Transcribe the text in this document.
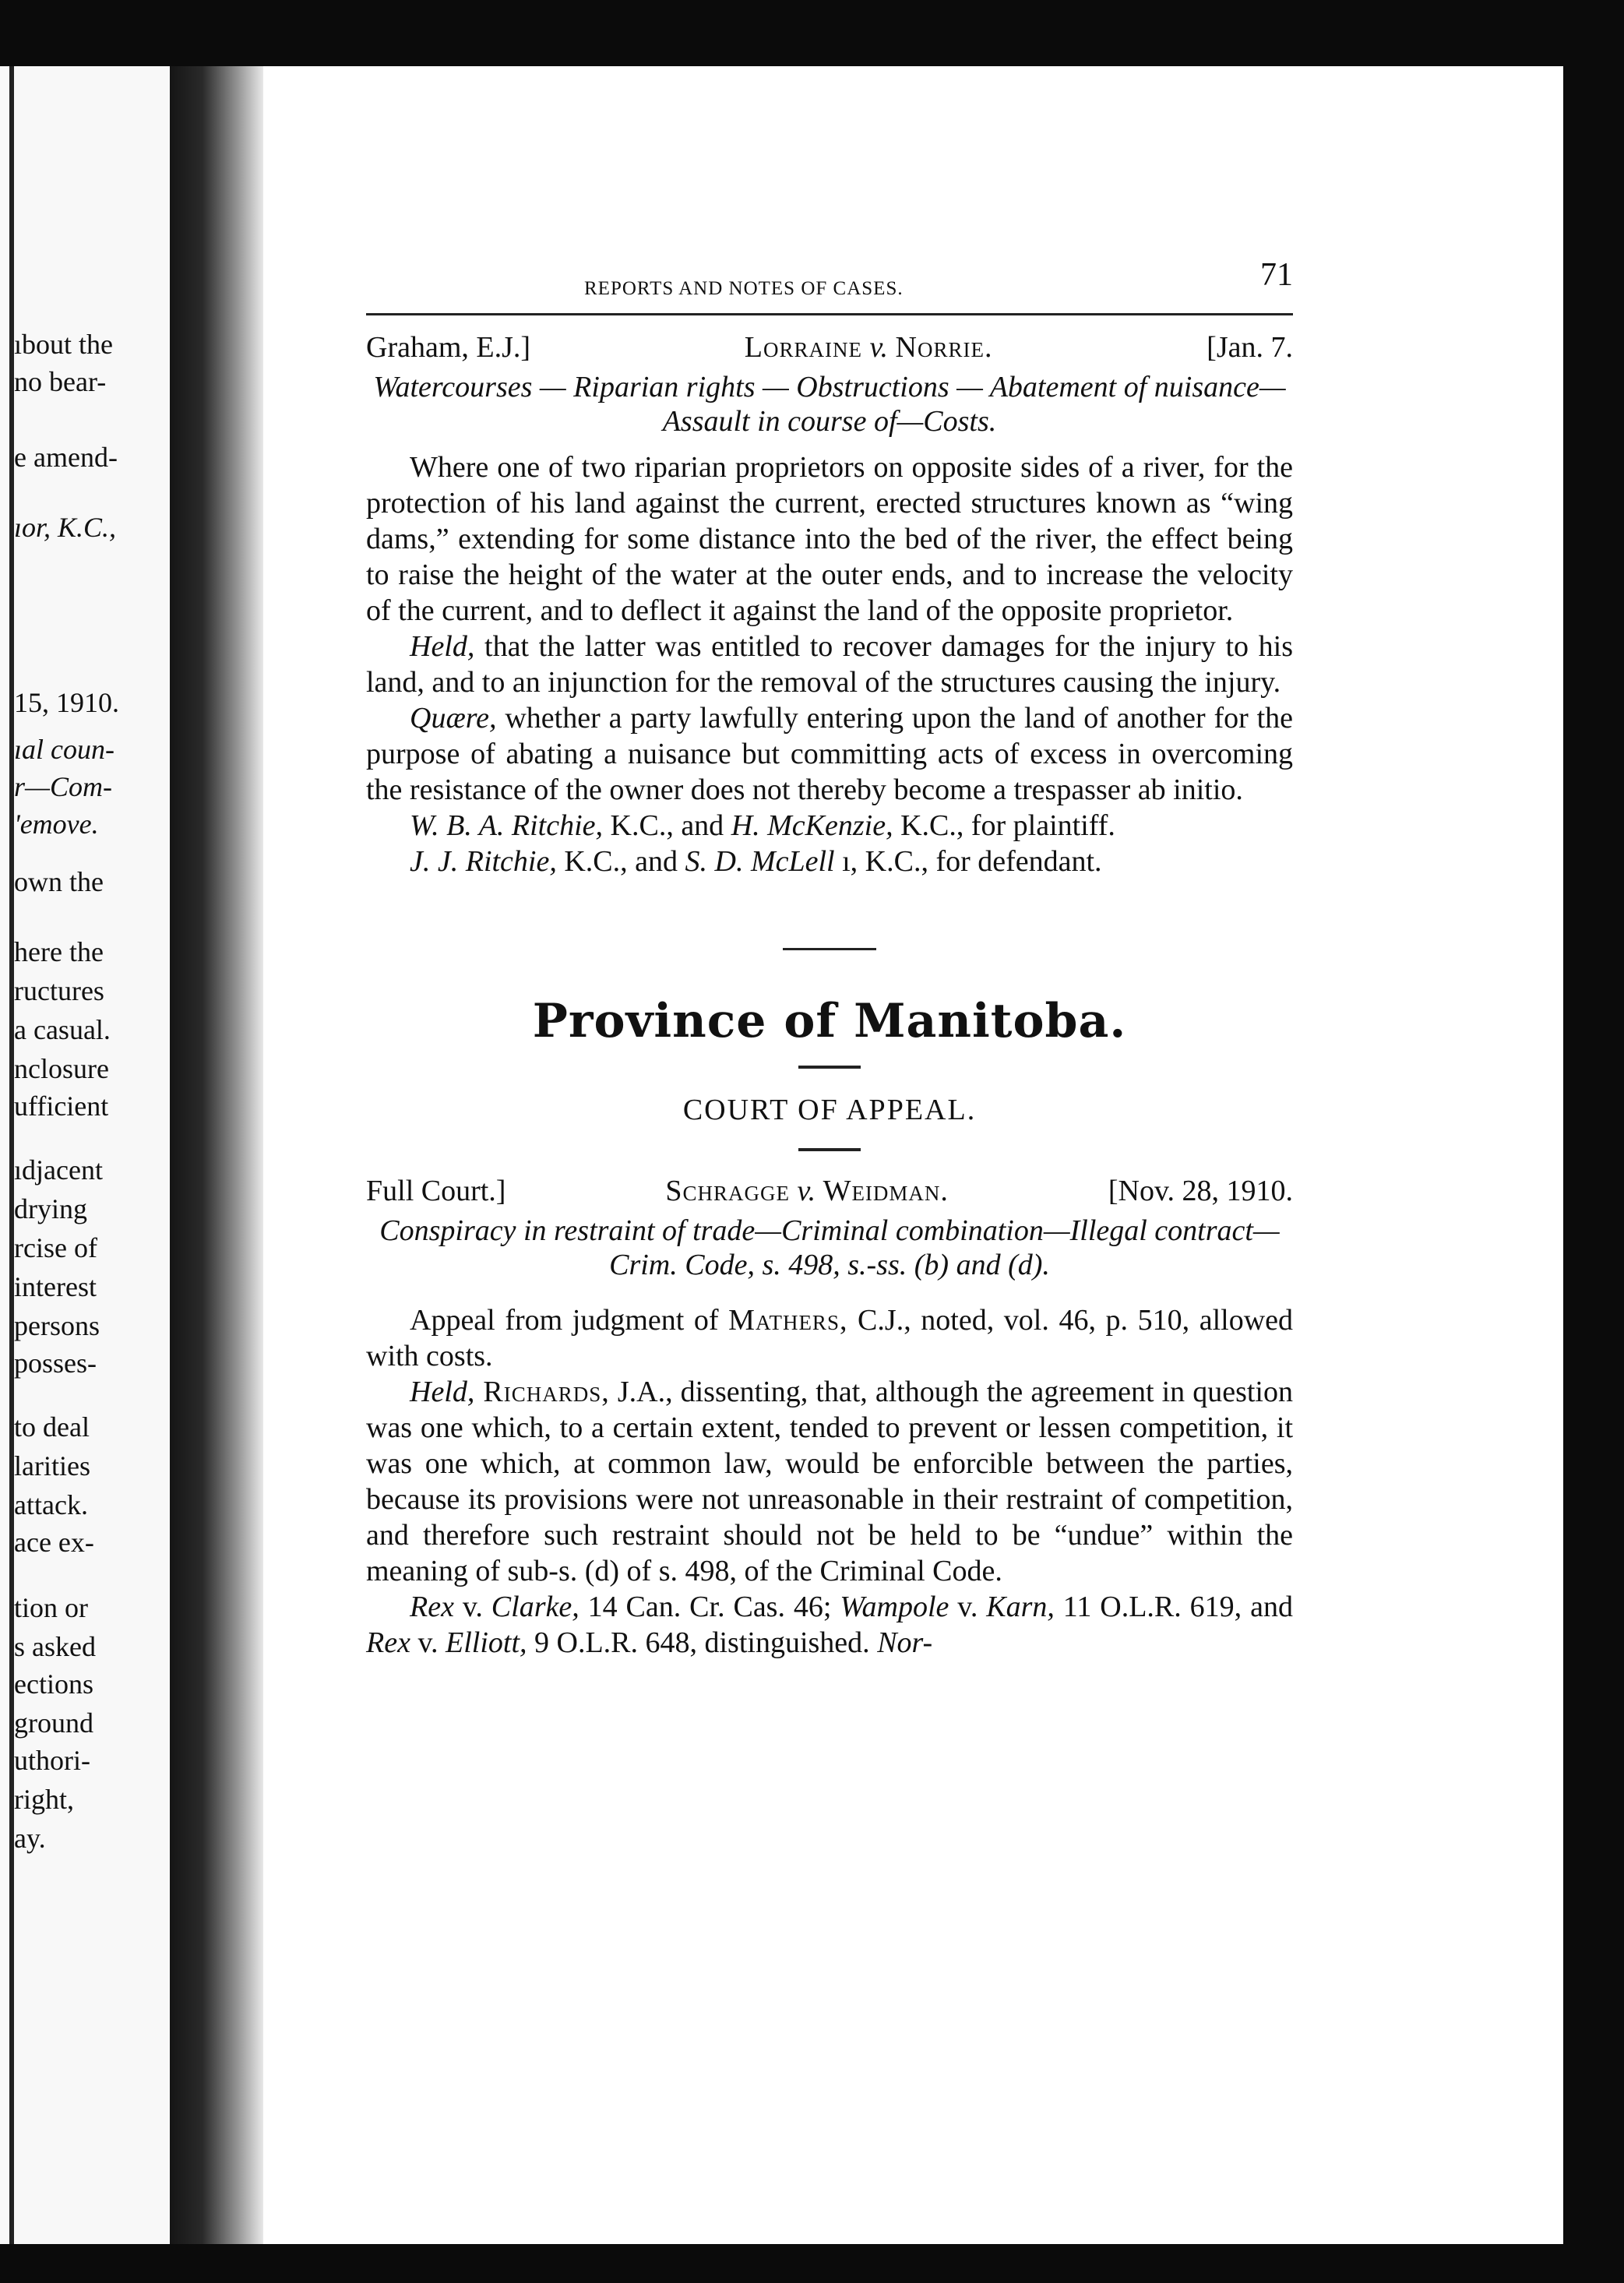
ıbout the
no bear-
e amend-
ıor, K.C.,
15, 1910.
ıal coun-
r—Com-
'emove.
own the
here the
ructures
a casual.
nclosure
ufficient
ıdjacent
drying
rcise of
interest
persons
posses-
to deal
larities
attack.
ace ex-
tion or
s asked
ections
ground
uthori-
right,
ay.
REPORTS AND NOTES OF CASES.	71
Graham, E.J.]	Lorraine v. Norrie.	[Jan. 7.
Watercourses — Riparian rights — Obstructions — Abatement of nuisance—Assault in course of—Costs.

Where one of two riparian proprietors on opposite sides of a river, for the protection of his land against the current, erected structures known as “wing dams,” extending for some distance into the bed of the river, the effect being to raise the height of the water at the outer ends, and to increase the velocity of the current, and to deflect it against the land of the opposite proprietor.

Held, that the latter was entitled to recover damages for the injury to his land, and to an injunction for the removal of the structures causing the injury.

Quære, whether a party lawfully entering upon the land of another for the purpose of abating a nuisance but committing acts of excess in overcoming the resistance of the owner does not thereby become a trespasser ab initio.

W. B. A. Ritchie, K.C., and H. McKenzie, K.C., for plaintiff.

J. J. Ritchie, K.C., and S. D. McLell ı, K.C., for defendant.

Province of Manitoba.
COURT OF APPEAL.
Full Court.]	Schragge v. Weidman.	[Nov. 28, 1910.
Conspiracy in restraint of trade—Criminal combination—Illegal contract—Crim. Code, s. 498, s.-ss. (b) and (d).

Appeal from judgment of Mathers, C.J., noted, vol. 46, p. 510, allowed with costs.

Held, Richards, J.A., dissenting, that, although the agreement in question was one which, to a certain extent, tended to prevent or lessen competition, it was one which, at common law, would be enforcible between the parties, because its provisions were not unreasonable in their restraint of competition, and therefore such restraint should not be held to be “undue” within the meaning of sub-s. (d) of s. 498, of the Criminal Code.

Rex v. Clarke, 14 Can. Cr. Cas. 46; Wampole v. Karn, 11 O.L.R. 619, and Rex v. Elliott, 9 O.L.R. 648, distinguished. Nor-
